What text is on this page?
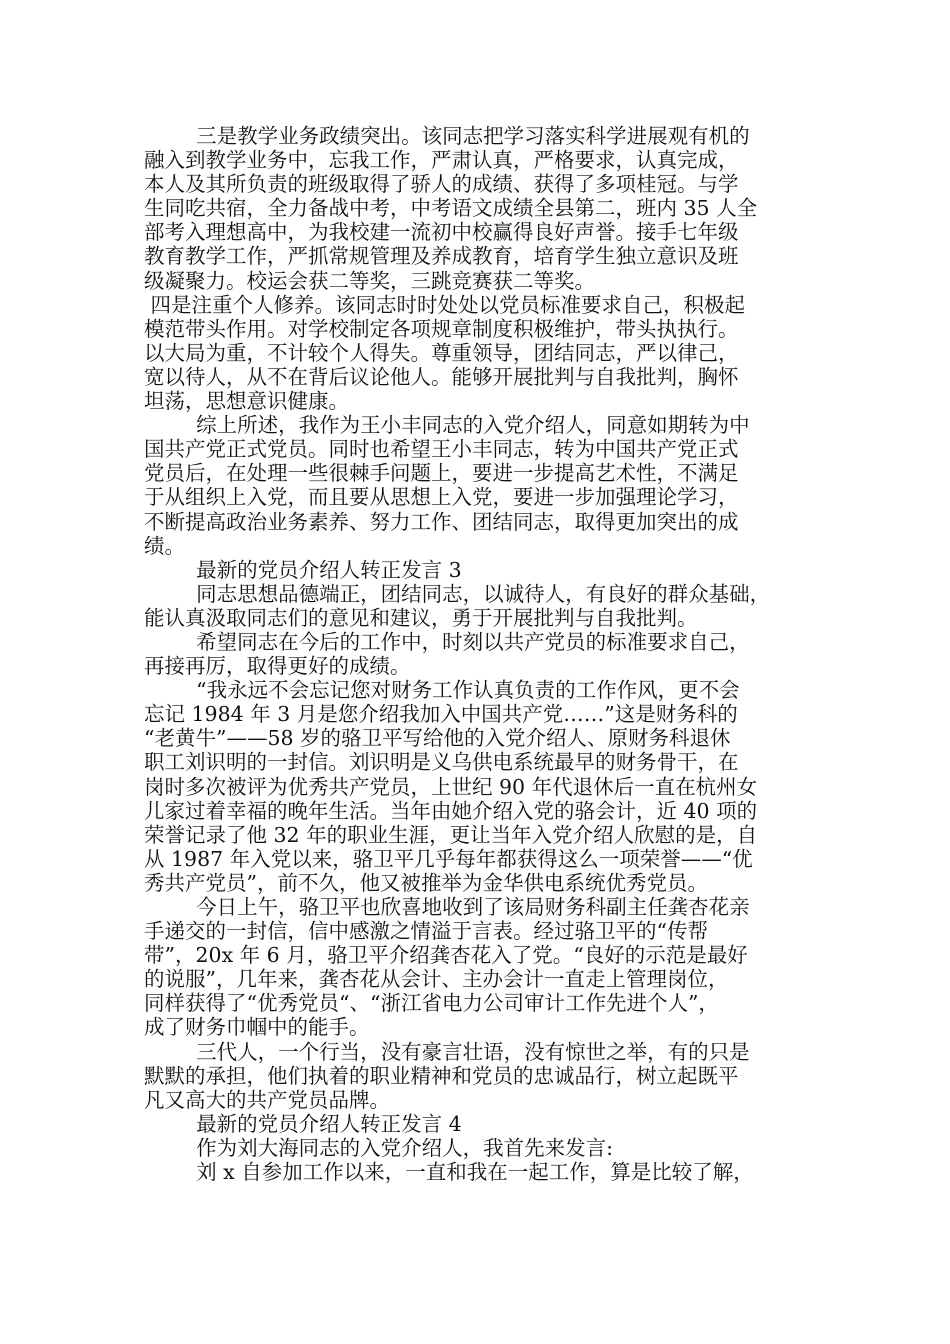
三是教学业务政绩突出。该同志把学习落实科学进展观有机的
融入到教学业务中，忘我工作，严肃认真，严格要求，认真完成，
本人及其所负责的班级取得了骄人的成绩、获得了多项桂冠。与学
生同吃共宿，全力备战中考，中考语文成绩全县第二，班内 35 人全
部考入理想高中，为我校建一流初中校赢得良好声誉。接手七年级
教育教学工作，严抓常规管理及养成教育，培育学生独立意识及班
级凝聚力。校运会获二等奖，三跳竞赛获二等奖。
四是注重个人修养。该同志时时处处以党员标准要求自己，积极起
模范带头作用。对学校制定各项规章制度积极维护，带头执执行。
以大局为重，不计较个人得失。尊重领导，团结同志，严以律己，
宽以待人，从不在背后议论他人。能够开展批判与自我批判，胸怀
坦荡，思想意识健康。
综上所述，我作为王小丰同志的入党介绍人，同意如期转为中
国共产党正式党员。同时也希望王小丰同志，转为中国共产党正式
党员后，在处理一些很棘手问题上，要进一步提高艺术性，不满足
于从组织上入党，而且要从思想上入党，要进一步加强理论学习，
不断提高政治业务素养、努力工作、团结同志，取得更加突出的成
绩。
最新的党员介绍人转正发言 3
同志思想品德端正，团结同志，以诚待人，有良好的群众基础，
能认真汲取同志们的意见和建议，勇于开展批判与自我批判。
希望同志在今后的工作中，时刻以共产党员的标准要求自己，
再接再厉，取得更好的成绩。
“我永远不会忘记您对财务工作认真负责的工作作风，更不会
忘记 1984 年 3 月是您介绍我加入中国共产党……”这是财务科的
“老黄牛”——58 岁的骆卫平写给他的入党介绍人、原财务科退休
职工刘识明的一封信。刘识明是义乌供电系统最早的财务骨干，在
岗时多次被评为优秀共产党员，上世纪 90 年代退休后一直在杭州女
儿家过着幸福的晚年生活。当年由她介绍入党的骆会计，近 40 项的
荣誉记录了他 32 年的职业生涯，更让当年入党介绍人欣慰的是，自
从 1987 年入党以来，骆卫平几乎每年都获得这么一项荣誉——“优
秀共产党员”，前不久，他又被推举为金华供电系统优秀党员。
今日上午，骆卫平也欣喜地收到了该局财务科副主任龚杏花亲
手递交的一封信，信中感激之情溢于言表。经过骆卫平的“传帮
带”，20x 年 6 月，骆卫平介绍龚杏花入了党。“良好的示范是最好
的说服”，几年来，龚杏花从会计、主办会计一直走上管理岗位，
同样获得了“优秀党员“、“浙江省电力公司审计工作先进个人”，
成了财务巾帼中的能手。
三代人，一个行当，没有豪言壮语，没有惊世之举，有的只是
默默的承担，他们执着的职业精神和党员的忠诚品行，树立起既平
凡又高大的共产党员品牌。
最新的党员介绍人转正发言 4
作为刘大海同志的入党介绍人，我首先来发言:
刘 x 自参加工作以来，一直和我在一起工作，算是比较了解，
